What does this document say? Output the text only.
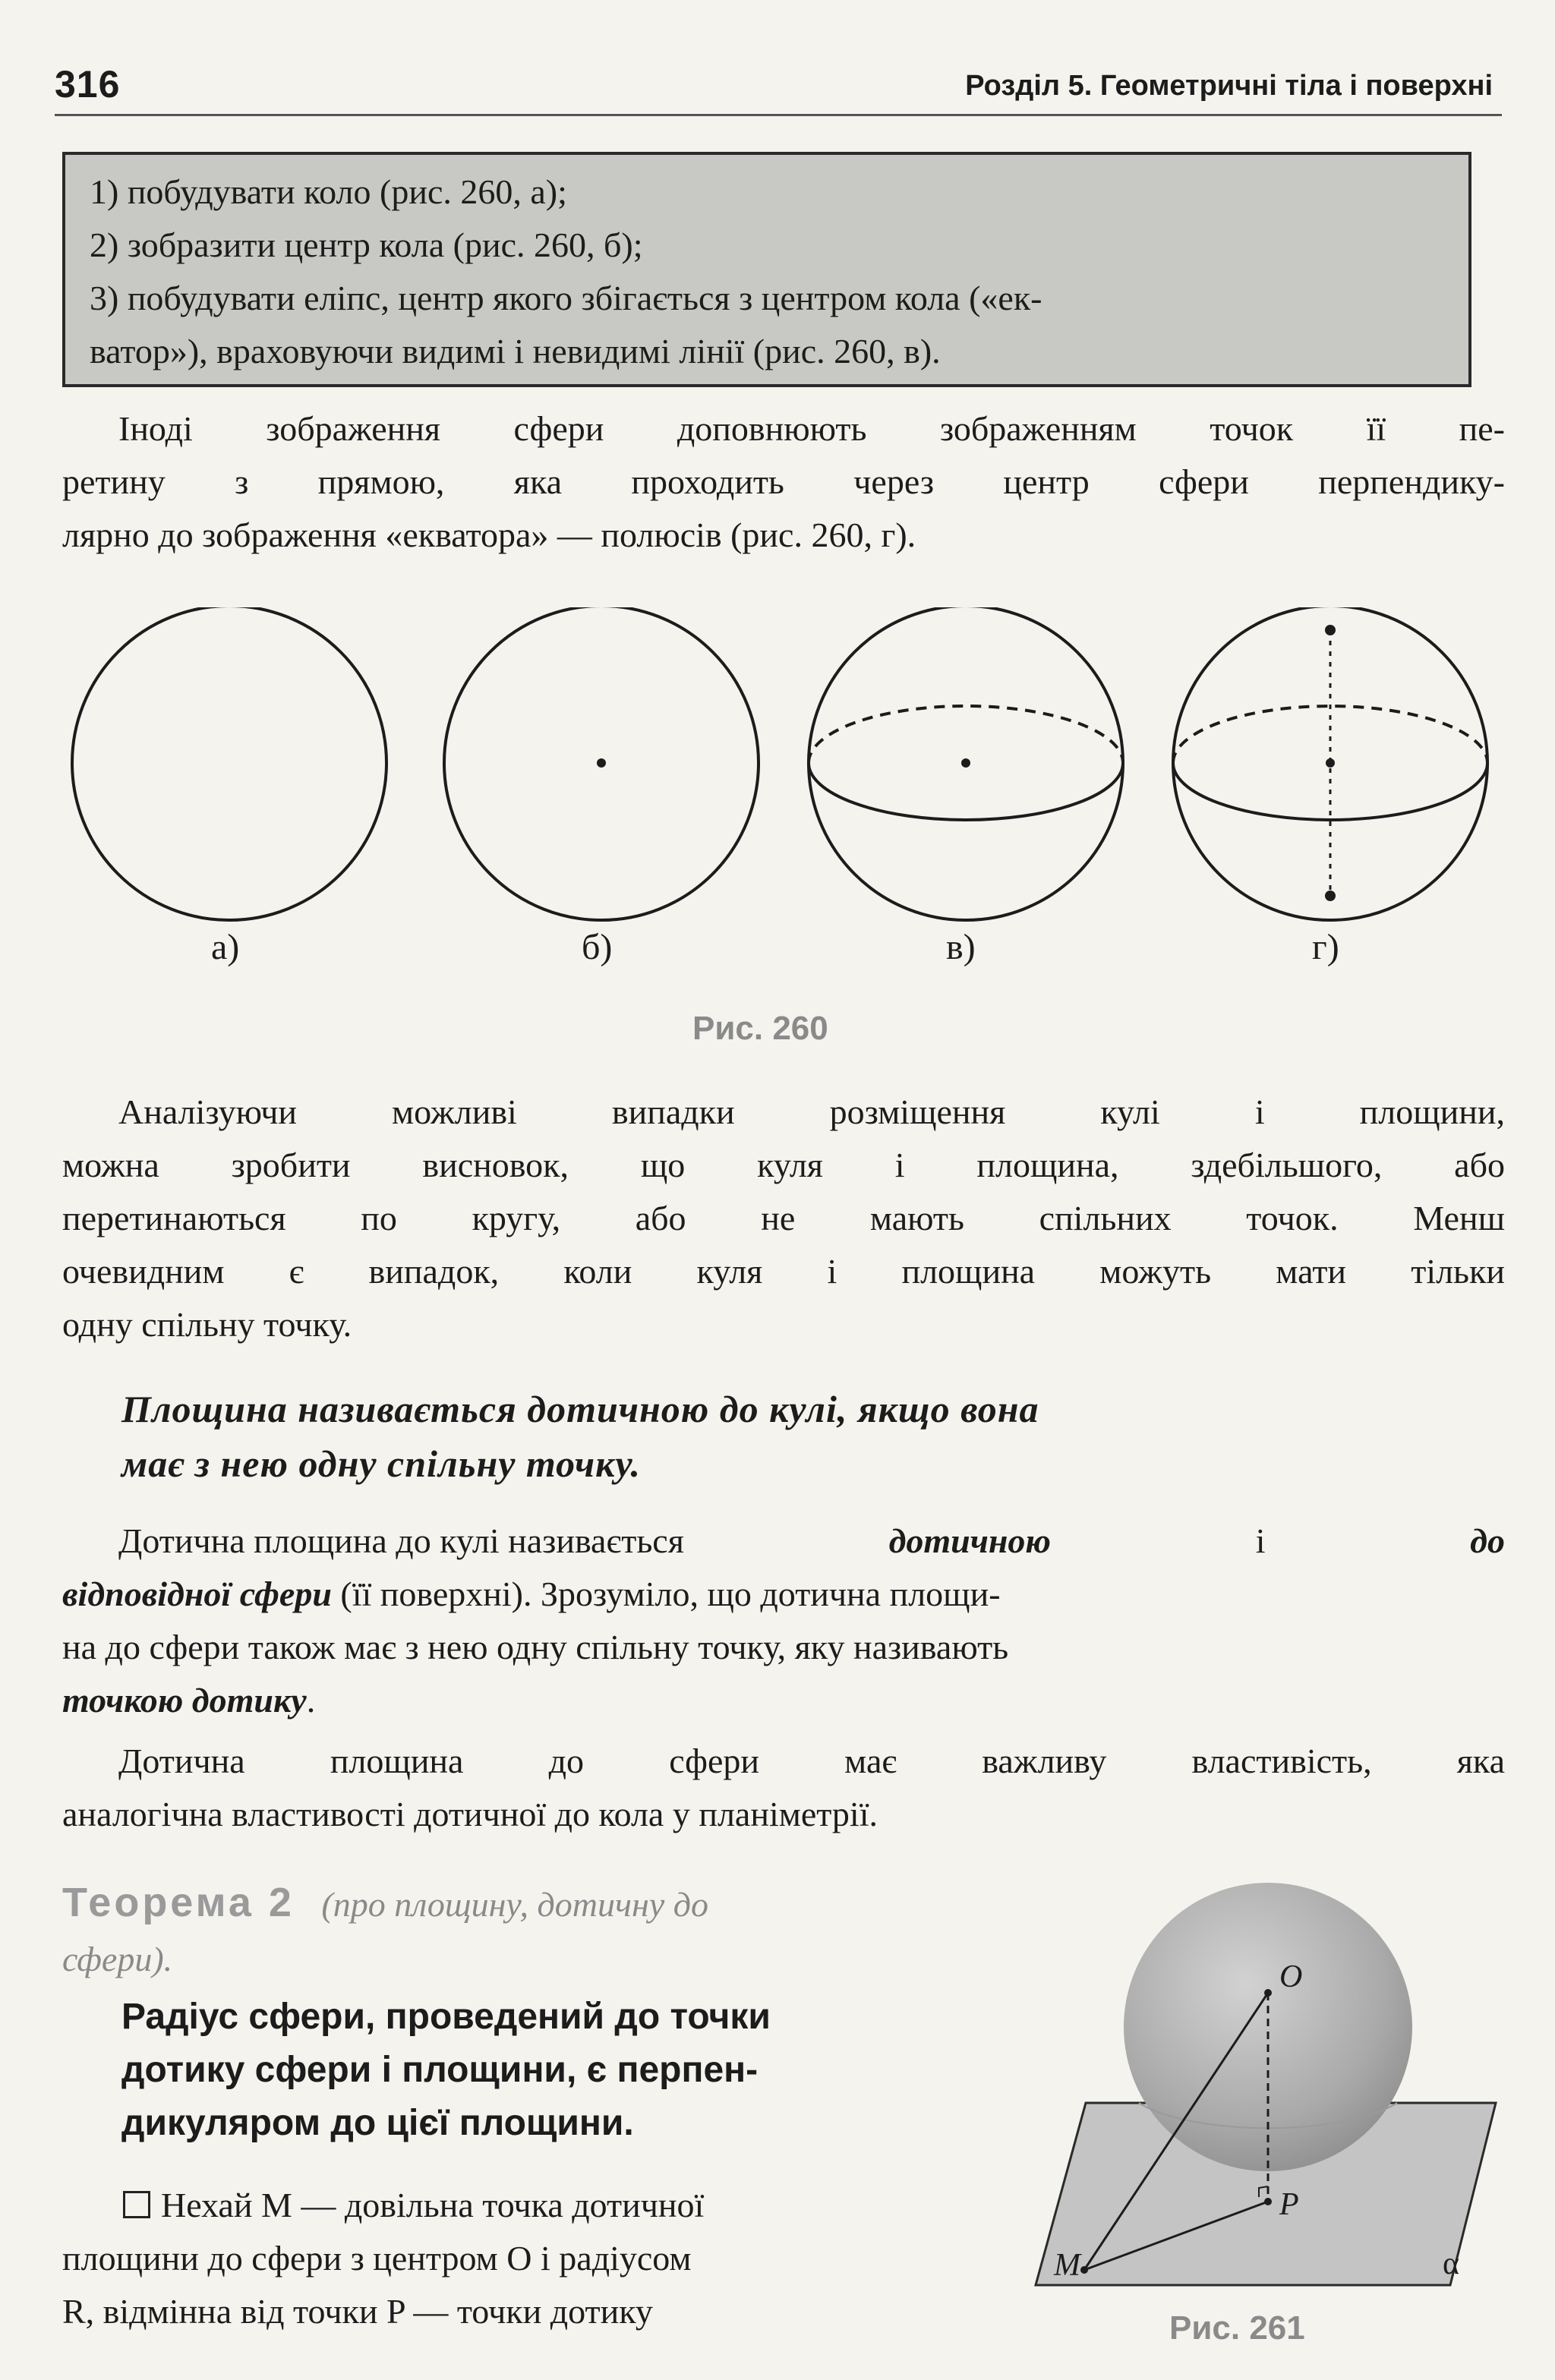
316	Розділ 5. Геометричні тіла і поверхні
1) побудувати коло (рис. 260, а);
2) зобразити центр кола (рис. 260, б);
3) побудувати еліпс, центр якого збігається з центром кола («ек-
ватор»), враховуючи видимі і невидимі лінії (рис. 260, в).
Іноді зображення сфери доповнюють зображенням точок її пе-
ретину з прямою, яка проходить через центр сфери перпендику-
лярно до зображення «екватора» — полюсів (рис. 260, г).
а)	б)	в)	г)
Рис. 260
Аналізуючи можливі випадки розміщення кулі і площини,
можна зробити висновок, що куля і площина, здебільшого, або
перетинаються по кругу, або не мають спільних точок. Менш
очевидним є випадок, коли куля і площина можуть мати тільки
одну спільну точку.
Площина називається дотичною до кулі, якщо вона
має з нею одну спільну точку.
Дотична площина до кулі називається	дотичною	і	до
відповідної сфери (її поверхні). Зрозуміло, що дотична площи-
на до сфери також має з нею одну спільну точку, яку називають
точкою дотику.
Дотична площина до сфери має важливу властивість, яка
аналогічна властивості дотичної до кола у планіметрії.
Теорема 2 (про площину, дотичну до
сфери).
Радіус сфери, проведений до точки
дотику сфери і площини, є перпен-
дикуляром до цієї площини.
Нехай M — довільна точка дотичної
площини до сфери з центром O і радіусом
R, відмінна від точки P — точки дотику
O
P
M	α
Рис. 261
